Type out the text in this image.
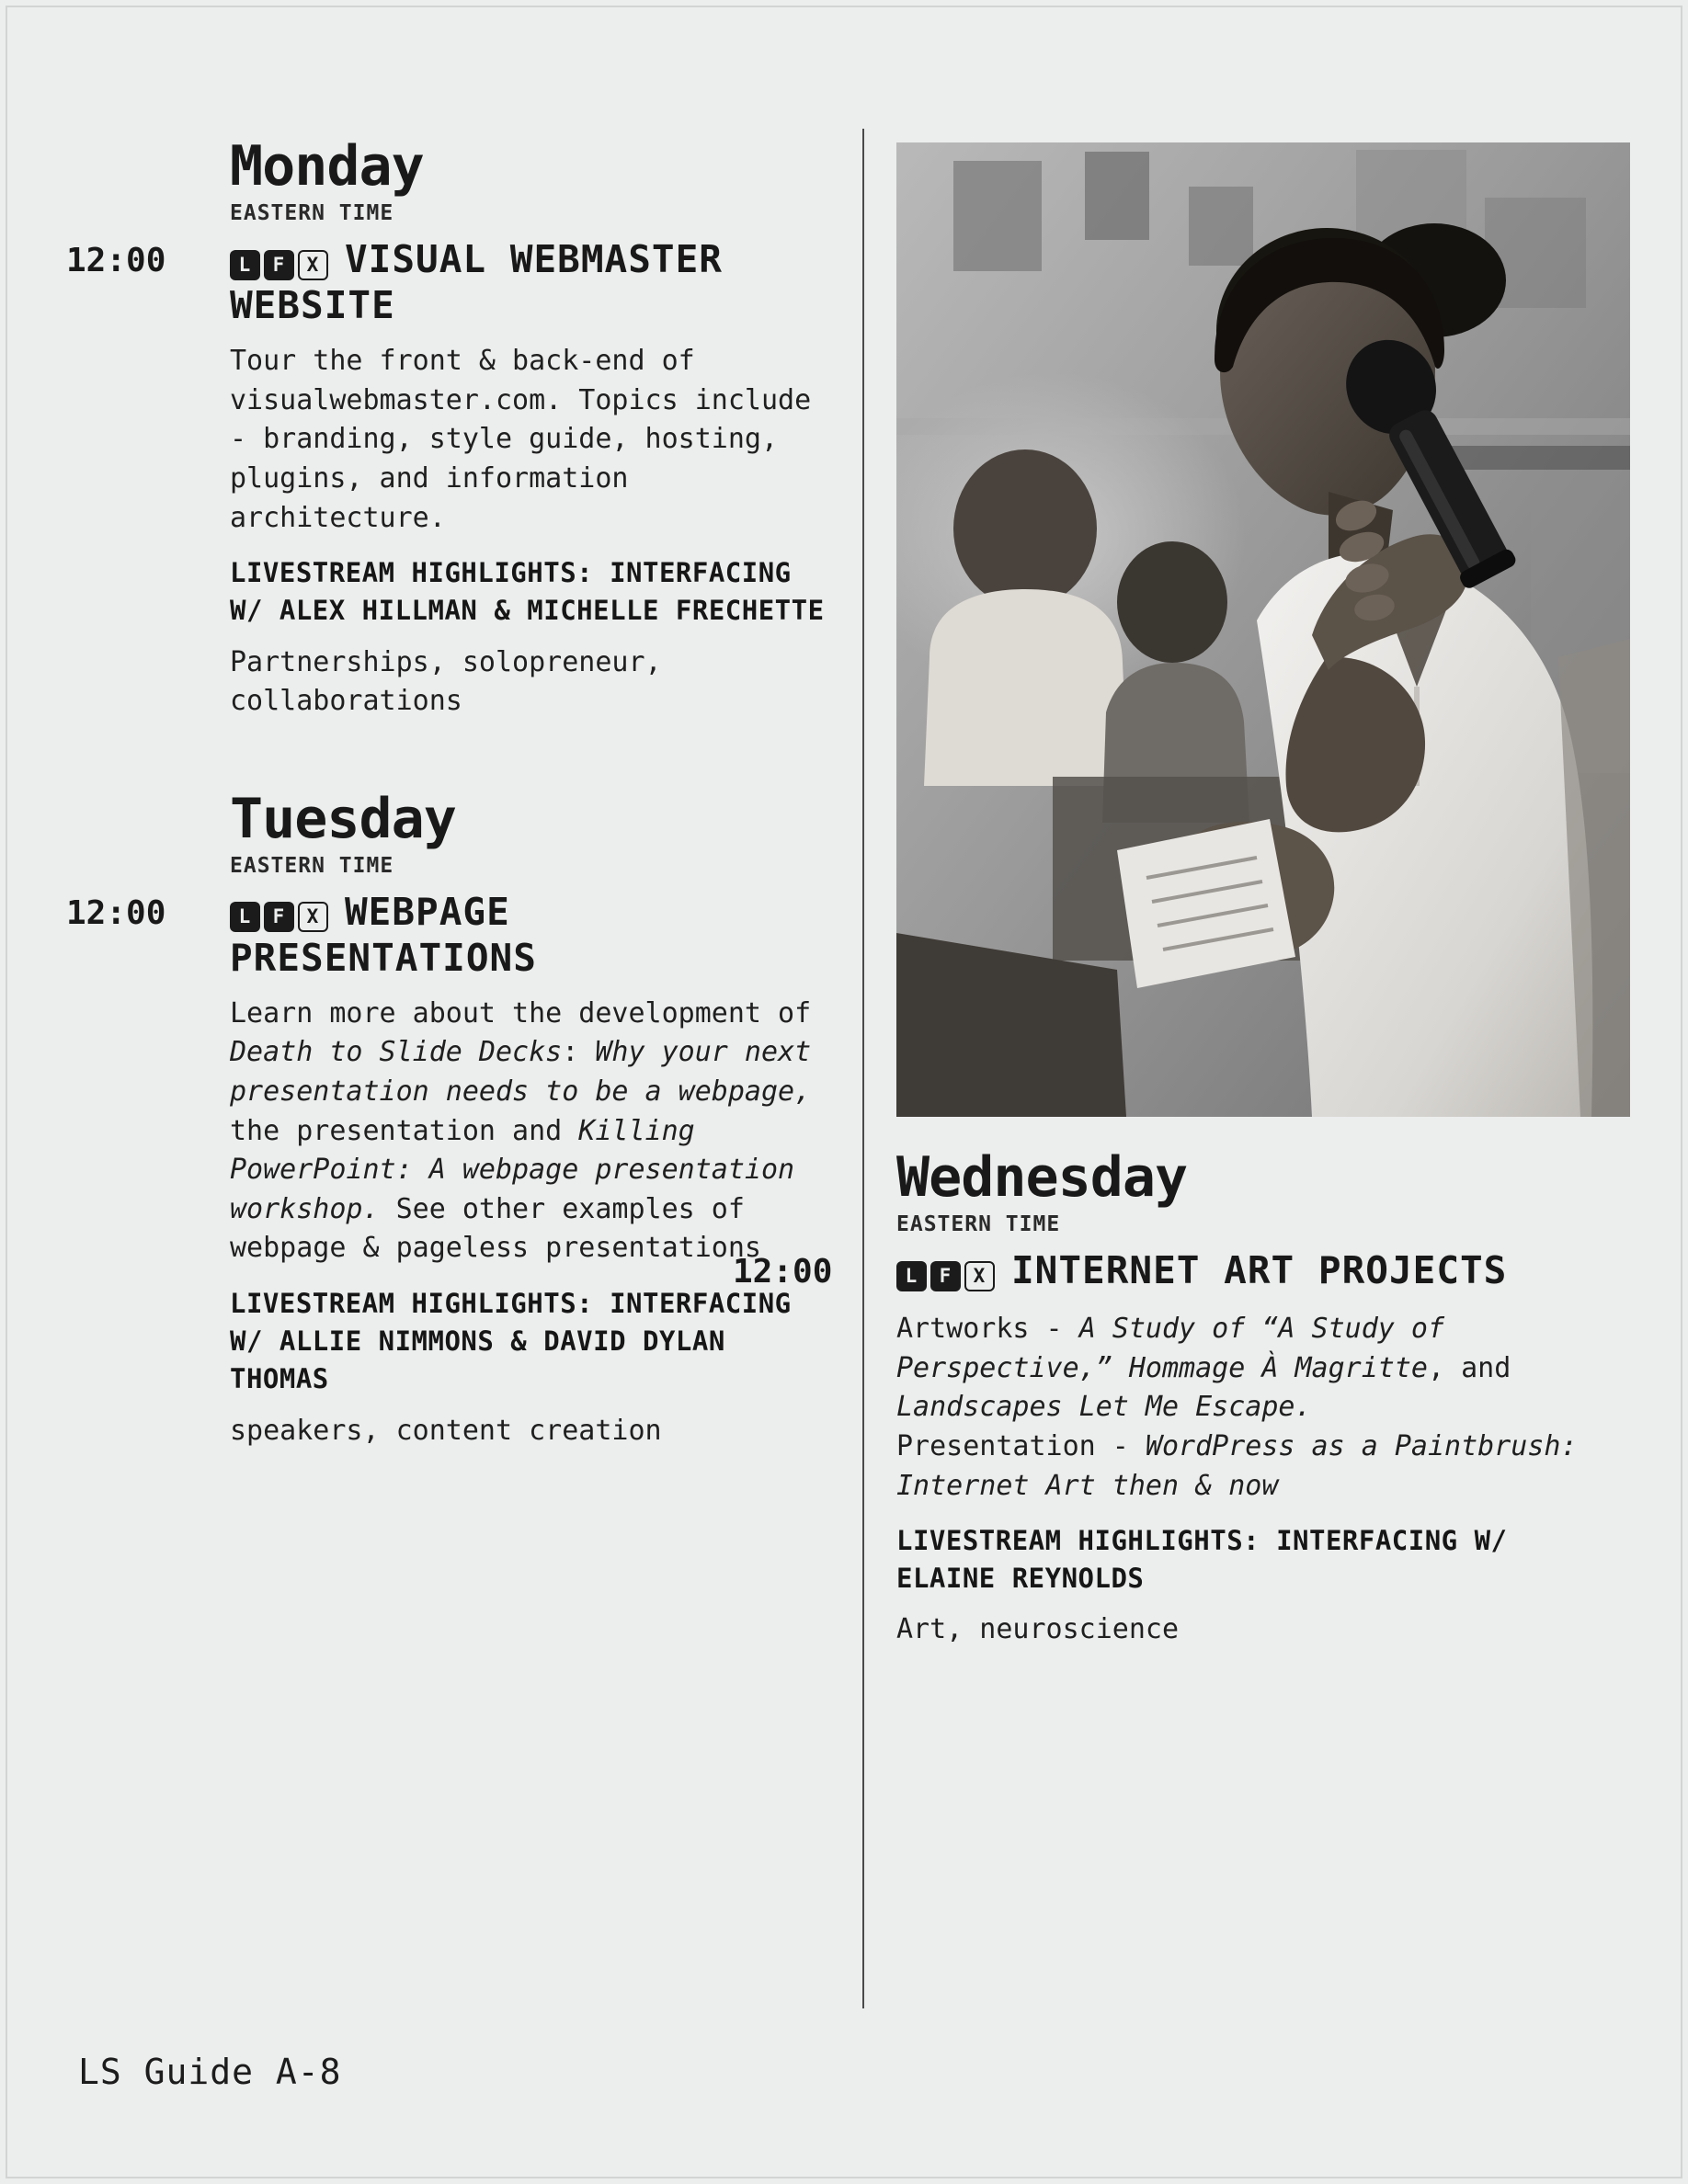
Monday
EASTERN TIME
12:00	L F X VISUAL WEBMASTER WEBSITE

Tour the front & back-end of visualwebmaster.com. Topics include - branding, style guide, hosting, plugins, and information architecture.

LIVESTREAM HIGHLIGHTS: INTERFACING W/ ALEX HILLMAN & MICHELLE FRECHETTE

Partnerships, solopreneur, collaborations

Tuesday
EASTERN TIME
12:00	L F X WEBPAGE PRESENTATIONS

Learn more about the development of Death to Slide Decks: Why your next presentation needs to be a webpage, the presentation and Killing PowerPoint: A webpage presentation workshop. See other examples of webpage & pageless presentations

LIVESTREAM HIGHLIGHTS: INTERFACING W/ ALLIE NIMMONS & DAVID DYLAN THOMAS

speakers, content creation

Wednesday
EASTERN TIME
12:00	L F X INTERNET ART PROJECTS

Artworks - A Study of “A Study of Perspective,” Hommage À Magritte, and Landscapes Let Me Escape.
Presentation - WordPress as a Paintbrush: Internet Art then & now

LIVESTREAM HIGHLIGHTS: INTERFACING W/ ELAINE REYNOLDS

Art, neuroscience

LS Guide A-8
